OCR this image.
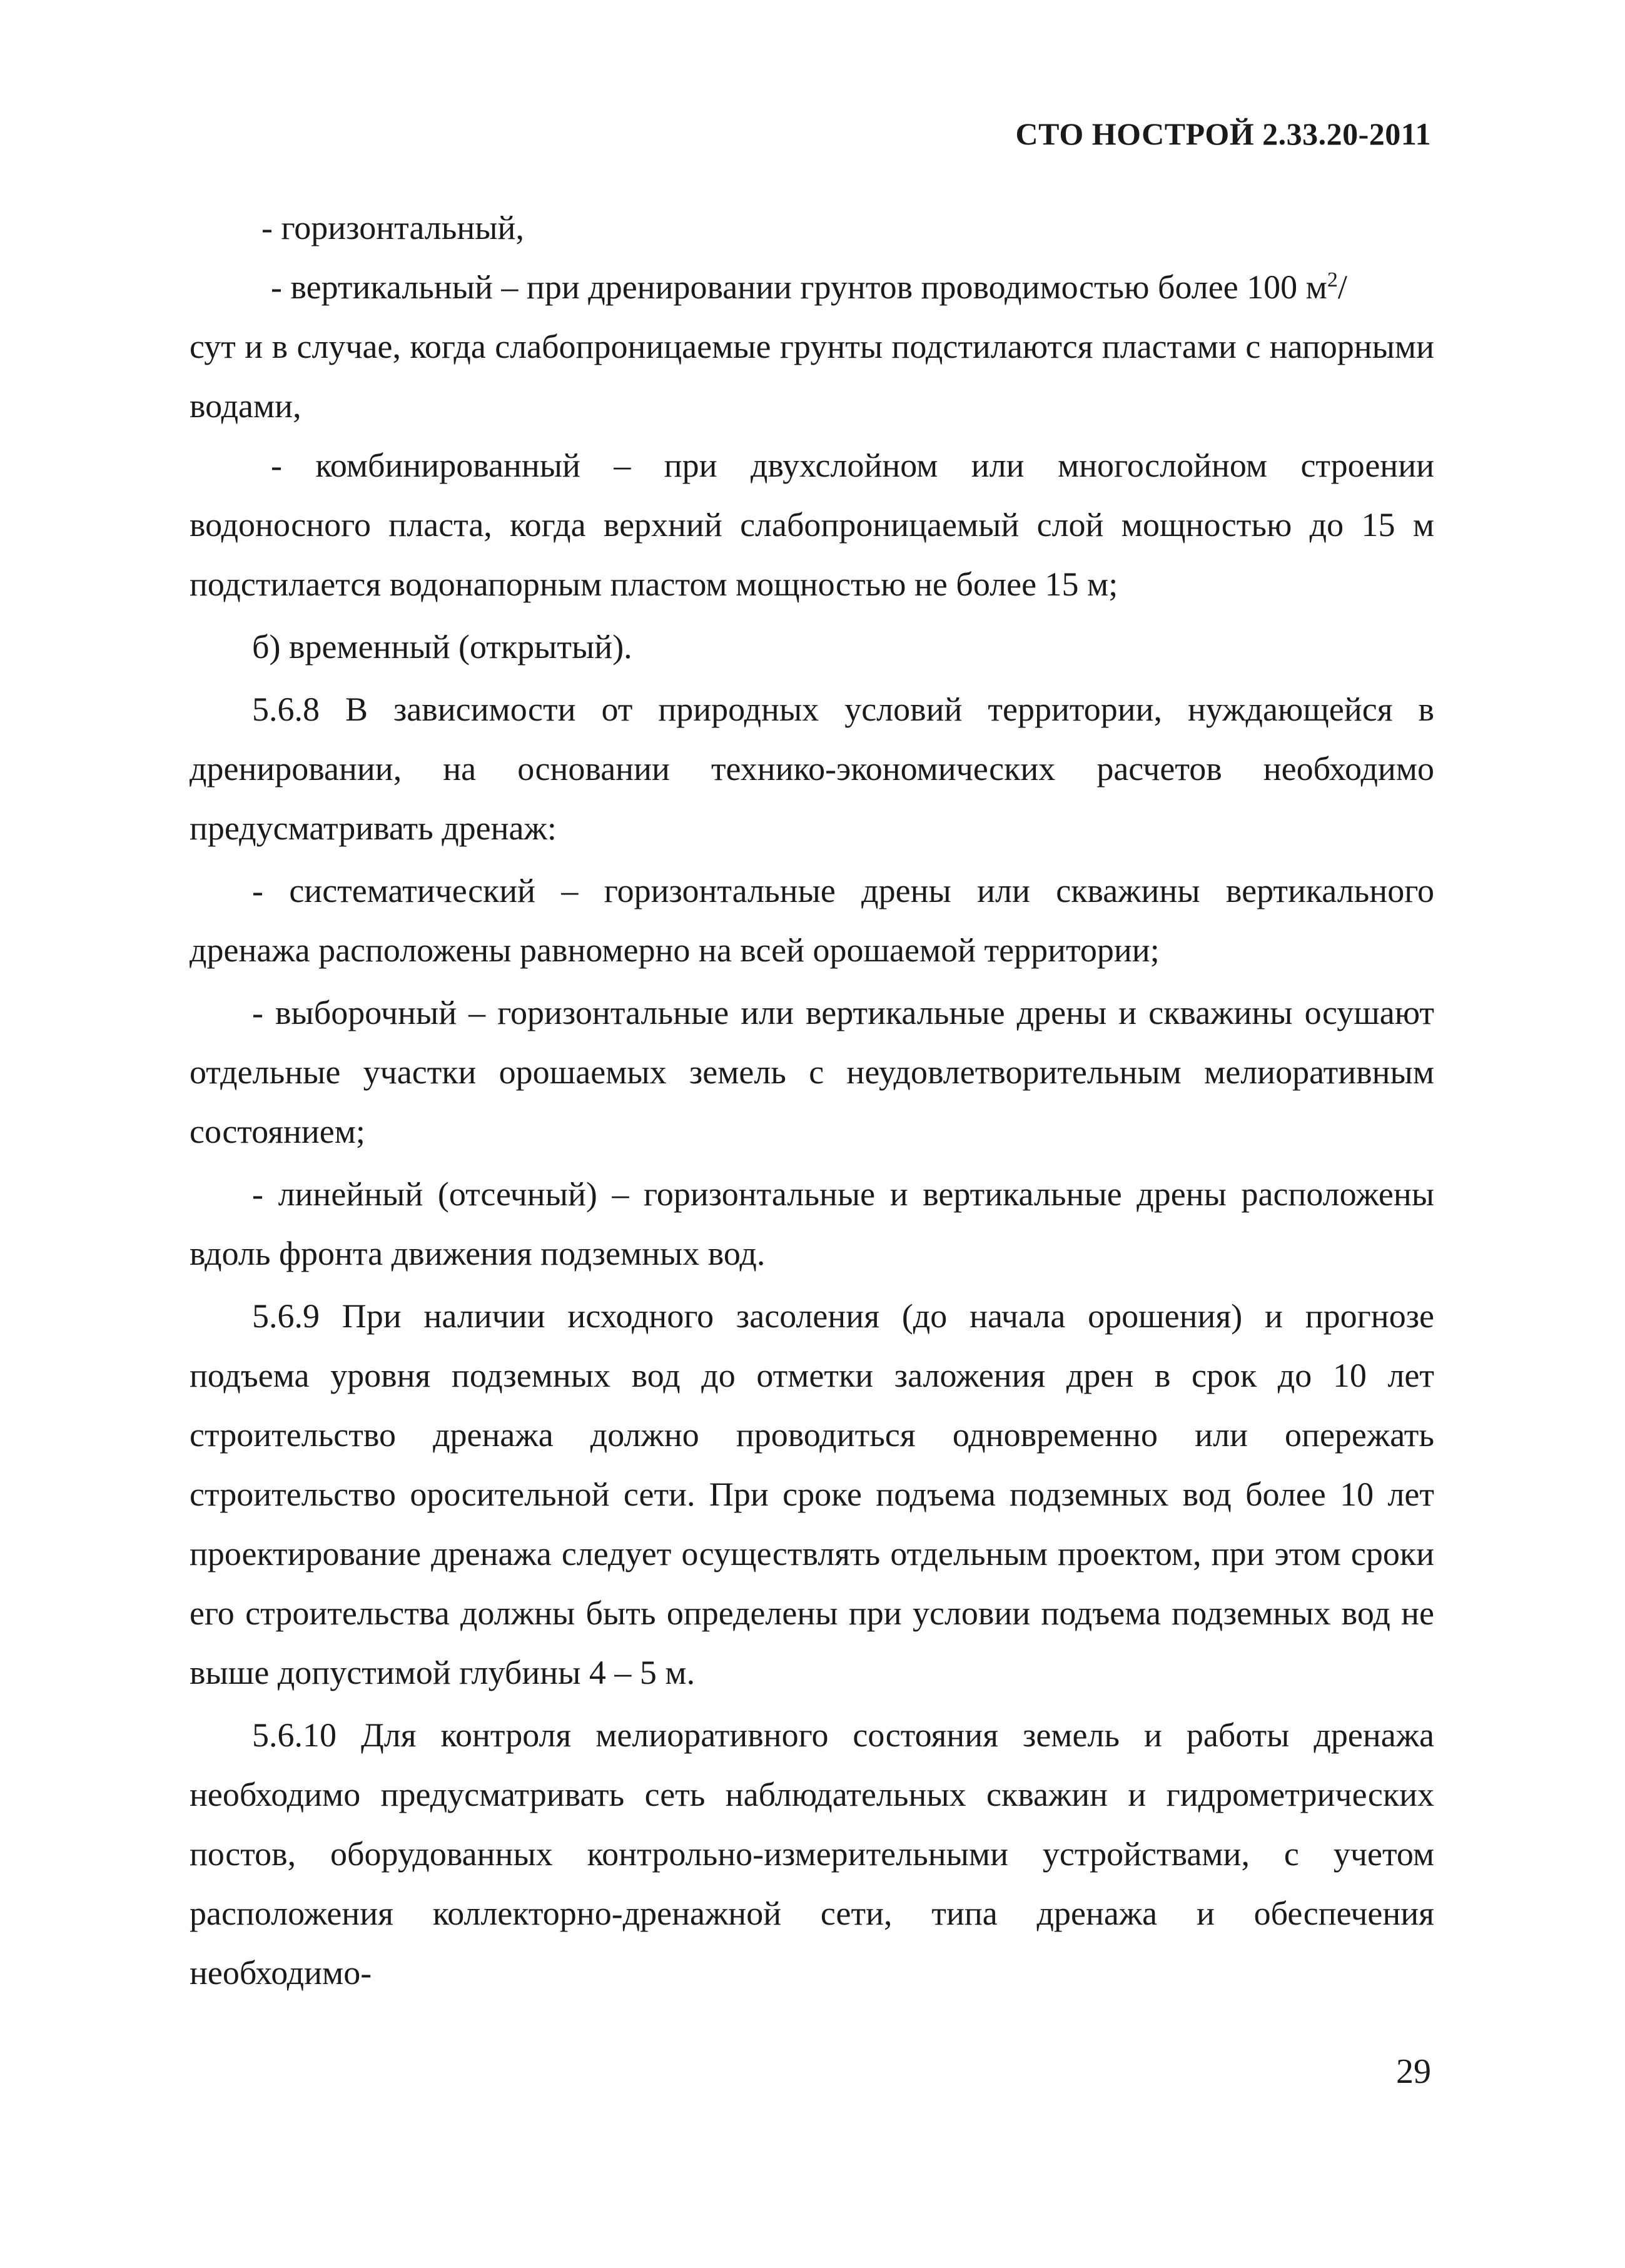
СТО НОСТРОЙ 2.33.20-2011

- горизонтальный,

- вертикальный – при дренировании грунтов проводимостью более 100 $м^2/$

сут и в случае, когда слабопроницаемые грунты подстилаются пластами с напорными водами,

- комбинированный – при двухслойном или многослойном строении водоносного пласта, когда верхний слабопроницаемый слой мощностью до 15 м подстилается водонапорным пластом мощностью не более 15 м;

б) временный (открытый).

5.6.8 В зависимости от природных условий территории, нуждающейся в дренировании, на основании технико-экономических расчетов необходимо предусматривать дренаж:

- систематический – горизонтальные дрены или скважины вертикального дренажа расположены равномерно на всей орошаемой территории;

- выборочный – горизонтальные или вертикальные дрены и скважины осушают отдельные участки орошаемых земель с неудовлетворительным мелиоративным состоянием;

- линейный (отсечный) – горизонтальные и вертикальные дрены расположены вдоль фронта движения подземных вод.

5.6.9 При наличии исходного засоления (до начала орошения) и прогнозе подъема уровня подземных вод до отметки заложения дрен в срок до 10 лет строительство дренажа должно проводиться одновременно или опережать строительство оросительной сети. При сроке подъема подземных вод более 10 лет проектирование дренажа следует осуществлять отдельным проектом, при этом сроки его строительства должны быть определены при условии подъема подземных вод не выше допустимой глубины 4 – 5 м.

5.6.10 Для контроля мелиоративного состояния земель и работы дренажа необходимо предусматривать сеть наблюдательных скважин и гидрометрических постов, оборудованных контрольно-измерительными устройствами, с учетом расположения коллекторно-дренажной сети, типа дренажа и обеспечения необходимо-

29
